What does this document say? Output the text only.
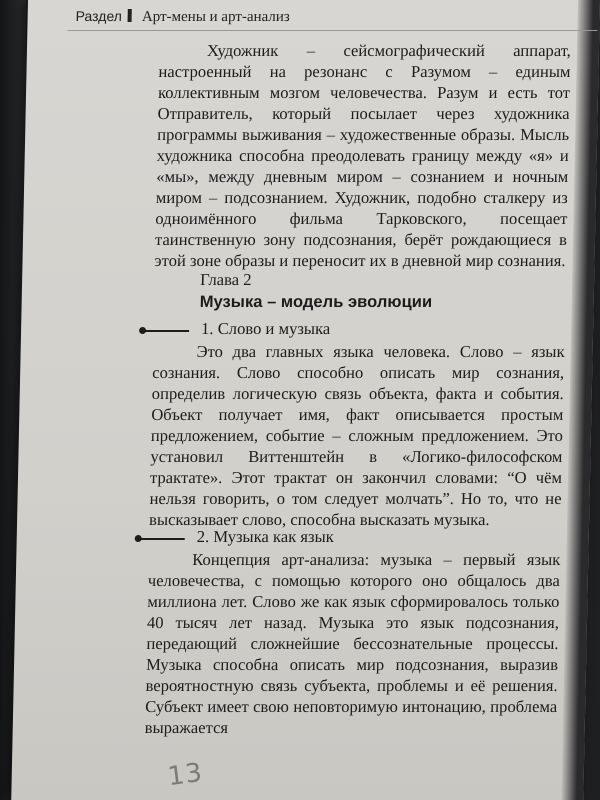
Раздел Арт-мены и арт-анализ
Художник – сейсмографический аппарат, настроенный на резонанс с Разумом – единым коллективным мозгом человечества. Разум и есть тот Отправитель, который посылает через художника программы выживания – художественные образы. Мысль художника способна преодолевать границу между «я» и «мы», между дневным миром – сознанием и ночным миром – подсознанием. Художник, подобно сталкеру из одноимённого фильма Тарковского, посещает таинственную зону подсознания, берёт рождающиеся в этой зоне образы и переносит их в дневной мир сознания.
Глава 2
Музыка – модель эволюции
1. Слово и музыка
Это два главных языка человека. Слово – язык сознания. Слово способно описать мир сознания, определив логическую связь объекта, факта и события. Объект получает имя, факт описывается простым предложением, событие – сложным предложением. Это установил Виттенштейн в «Логико-философском трактате». Этот трактат он закончил словами: “О чём нельзя говорить, о том следует молчать”. Но то, что не высказывает слово, способна высказать музыка.
2. Музыка как язык
Концепция арт-анализа: музыка – первый язык человечества, с помощью которого оно общалось два миллиона лет. Слово же как язык сформировалось только 40 тысяч лет назад. Музыка это язык подсознания, передающий сложнейшие бессознательные процессы. Музыка способна описать мир подсознания, выразив вероятностную связь субъекта, проблемы и её решения. Субъект имеет свою неповторимую интонацию, проблема выражается
13
